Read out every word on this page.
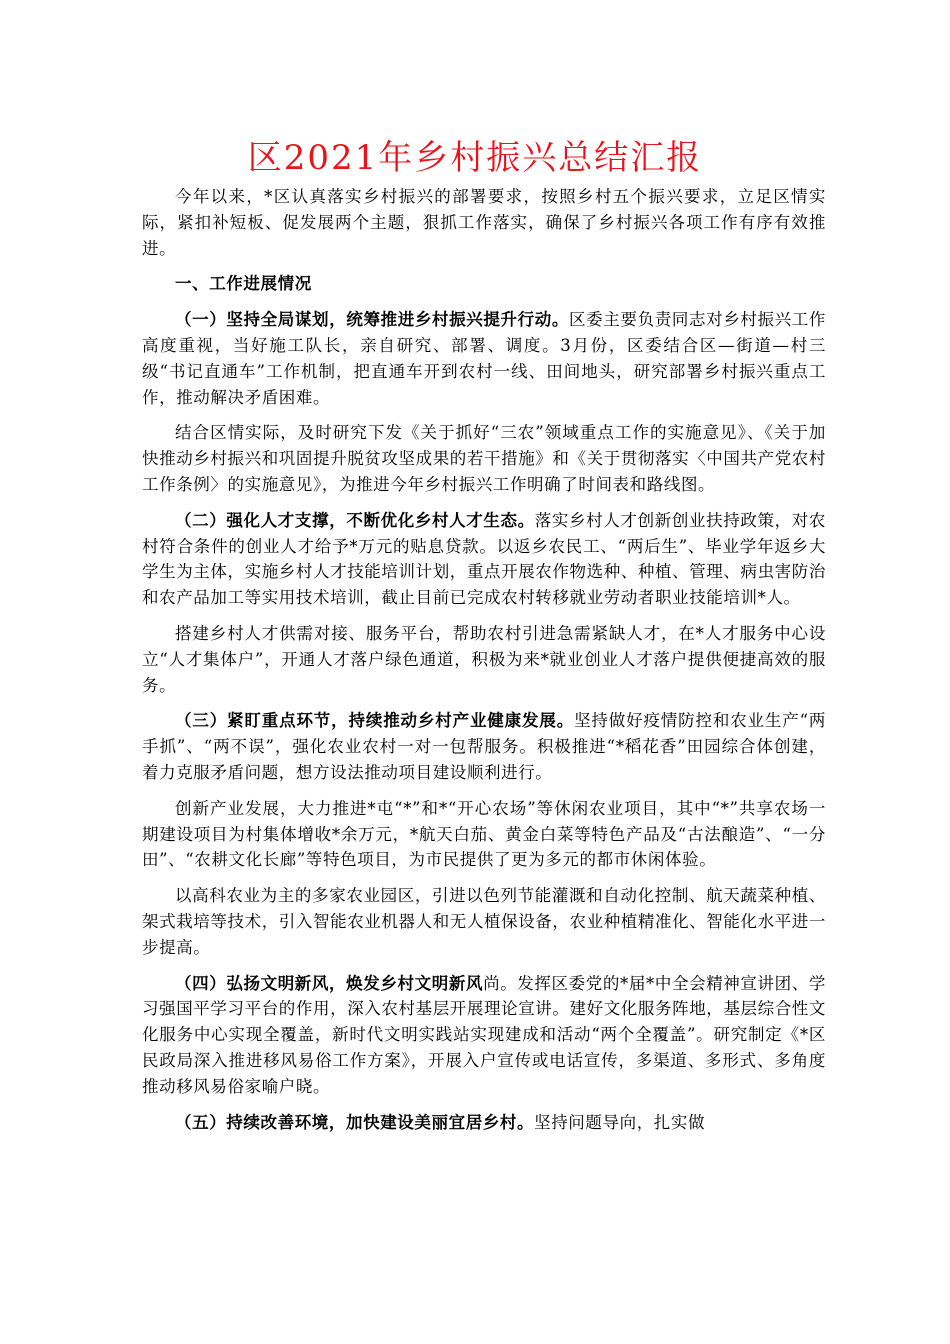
区2021年乡村振兴总结汇报

今年以来，*区认真落实乡村振兴的部署要求，按照乡村五个振兴要求，立足区情实际，紧扣补短板、促发展两个主题，狠抓工作落实，确保了乡村振兴各项工作有序有效推进。

一、工作进展情况

（一）坚持全局谋划，统筹推进乡村振兴提升行动。区委主要负责同志对乡村振兴工作高度重视，当好施工队长，亲自研究、部署、调度。3月份，区委结合区—街道—村三级“书记直通车”工作机制，把直通车开到农村一线、田间地头，研究部署乡村振兴重点工作，推动解决矛盾困难。

结合区情实际，及时研究下发《关于抓好“三农”领域重点工作的实施意见》、《关于加快推动乡村振兴和巩固提升脱贫攻坚成果的若干措施》和《关于贯彻落实〈中国共产党农村工作条例〉的实施意见》，为推进今年乡村振兴工作明确了时间表和路线图。

（二）强化人才支撑，不断优化乡村人才生态。落实乡村人才创新创业扶持政策，对农村符合条件的创业人才给予*万元的贴息贷款。以返乡农民工、“两后生”、毕业学年返乡大学生为主体，实施乡村人才技能培训计划，重点开展农作物选种、种植、管理、病虫害防治和农产品加工等实用技术培训，截止目前已完成农村转移就业劳动者职业技能培训*人。

搭建乡村人才供需对接、服务平台，帮助农村引进急需紧缺人才，在*人才服务中心设立“人才集体户”，开通人才落户绿色通道，积极为来*就业创业人才落户提供便捷高效的服务。

（三）紧盯重点环节，持续推动乡村产业健康发展。坚持做好疫情防控和农业生产“两手抓”、“两不误”，强化农业农村一对一包帮服务。积极推进“*稻花香”田园综合体创建，着力克服矛盾问题，想方设法推动项目建设顺利进行。

创新产业发展，大力推进*屯“*”和*“开心农场”等休闲农业项目，其中“*”共享农场一期建设项目为村集体增收*余万元，*航天白茄、黄金白菜等特色产品及“古法酿造”、“一分田”、“农耕文化长廊”等特色项目，为市民提供了更为多元的都市休闲体验。

以高科农业为主的多家农业园区，引进以色列节能灌溉和自动化控制、航天蔬菜种植、架式栽培等技术，引入智能农业机器人和无人植保设备，农业种植精准化、智能化水平进一步提高。

（四）弘扬文明新风，焕发乡村文明新风尚。发挥区委党的*届*中全会精神宣讲团、学习强国平学习平台的作用，深入农村基层开展理论宣讲。建好文化服务阵地，基层综合性文化服务中心实现全覆盖，新时代文明实践站实现建成和活动“两个全覆盖”。研究制定《*区民政局深入推进移风易俗工作方案》，开展入户宣传或电话宣传，多渠道、多形式、多角度推动移风易俗家喻户晓。

（五）持续改善环境，加快建设美丽宜居乡村。坚持问题导向，扎实做
